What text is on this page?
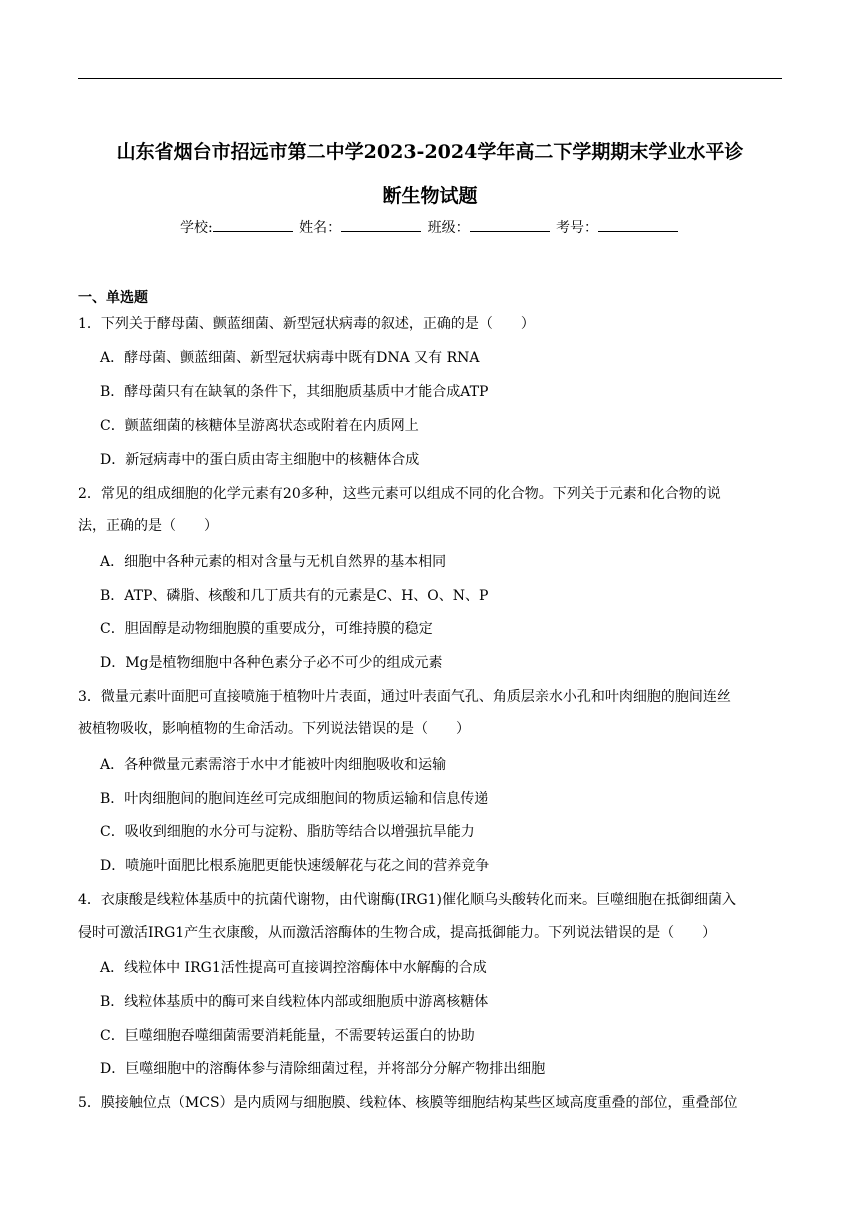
山东省烟台市招远市第二中学2023-2024学年高二下学期期末学业水平诊
断生物试题
学校:	姓名：	班级：	考号：
一、单选题
1．下列关于酵母菌、颤蓝细菌、新型冠状病毒的叙述，正确的是（　　）
A．酵母菌、颤蓝细菌、新型冠状病毒中既有DNA 又有 RNA
B．酵母菌只有在缺氧的条件下，其细胞质基质中才能合成ATP
C．颤蓝细菌的核糖体呈游离状态或附着在内质网上
D．新冠病毒中的蛋白质由寄主细胞中的核糖体合成
2．常见的组成细胞的化学元素有20多种，这些元素可以组成不同的化合物。下列关于元素和化合物的说
法，正确的是（　　）
A．细胞中各种元素的相对含量与无机自然界的基本相同
B．ATP、磷脂、核酸和几丁质共有的元素是C、H、O、N、P
C．胆固醇是动物细胞膜的重要成分，可维持膜的稳定
D．Mg是植物细胞中各种色素分子必不可少的组成元素
3．微量元素叶面肥可直接喷施于植物叶片表面，通过叶表面气孔、角质层亲水小孔和叶肉细胞的胞间连丝
被植物吸收，影响植物的生命活动。下列说法错误的是（　　）
A．各种微量元素需溶于水中才能被叶肉细胞吸收和运输
B．叶肉细胞间的胞间连丝可完成细胞间的物质运输和信息传递
C．吸收到细胞的水分可与淀粉、脂肪等结合以增强抗旱能力
D．喷施叶面肥比根系施肥更能快速缓解花与花之间的营养竞争
4．衣康酸是线粒体基质中的抗菌代谢物，由代谢酶(IRG1)催化顺乌头酸转化而来。巨噬细胞在抵御细菌入
侵时可激活IRG1产生衣康酸，从而激活溶酶体的生物合成，提高抵御能力。下列说法错误的是（　　）
A．线粒体中 IRG1活性提高可直接调控溶酶体中水解酶的合成
B．线粒体基质中的酶可来自线粒体内部或细胞质中游离核糖体
C．巨噬细胞吞噬细菌需要消耗能量，不需要转运蛋白的协助
D．巨噬细胞中的溶酶体参与清除细菌过程，并将部分分解产物排出细胞
5．膜接触位点（MCS）是内质网与细胞膜、线粒体、核膜等细胞结构某些区域高度重叠的部位，重叠部位
